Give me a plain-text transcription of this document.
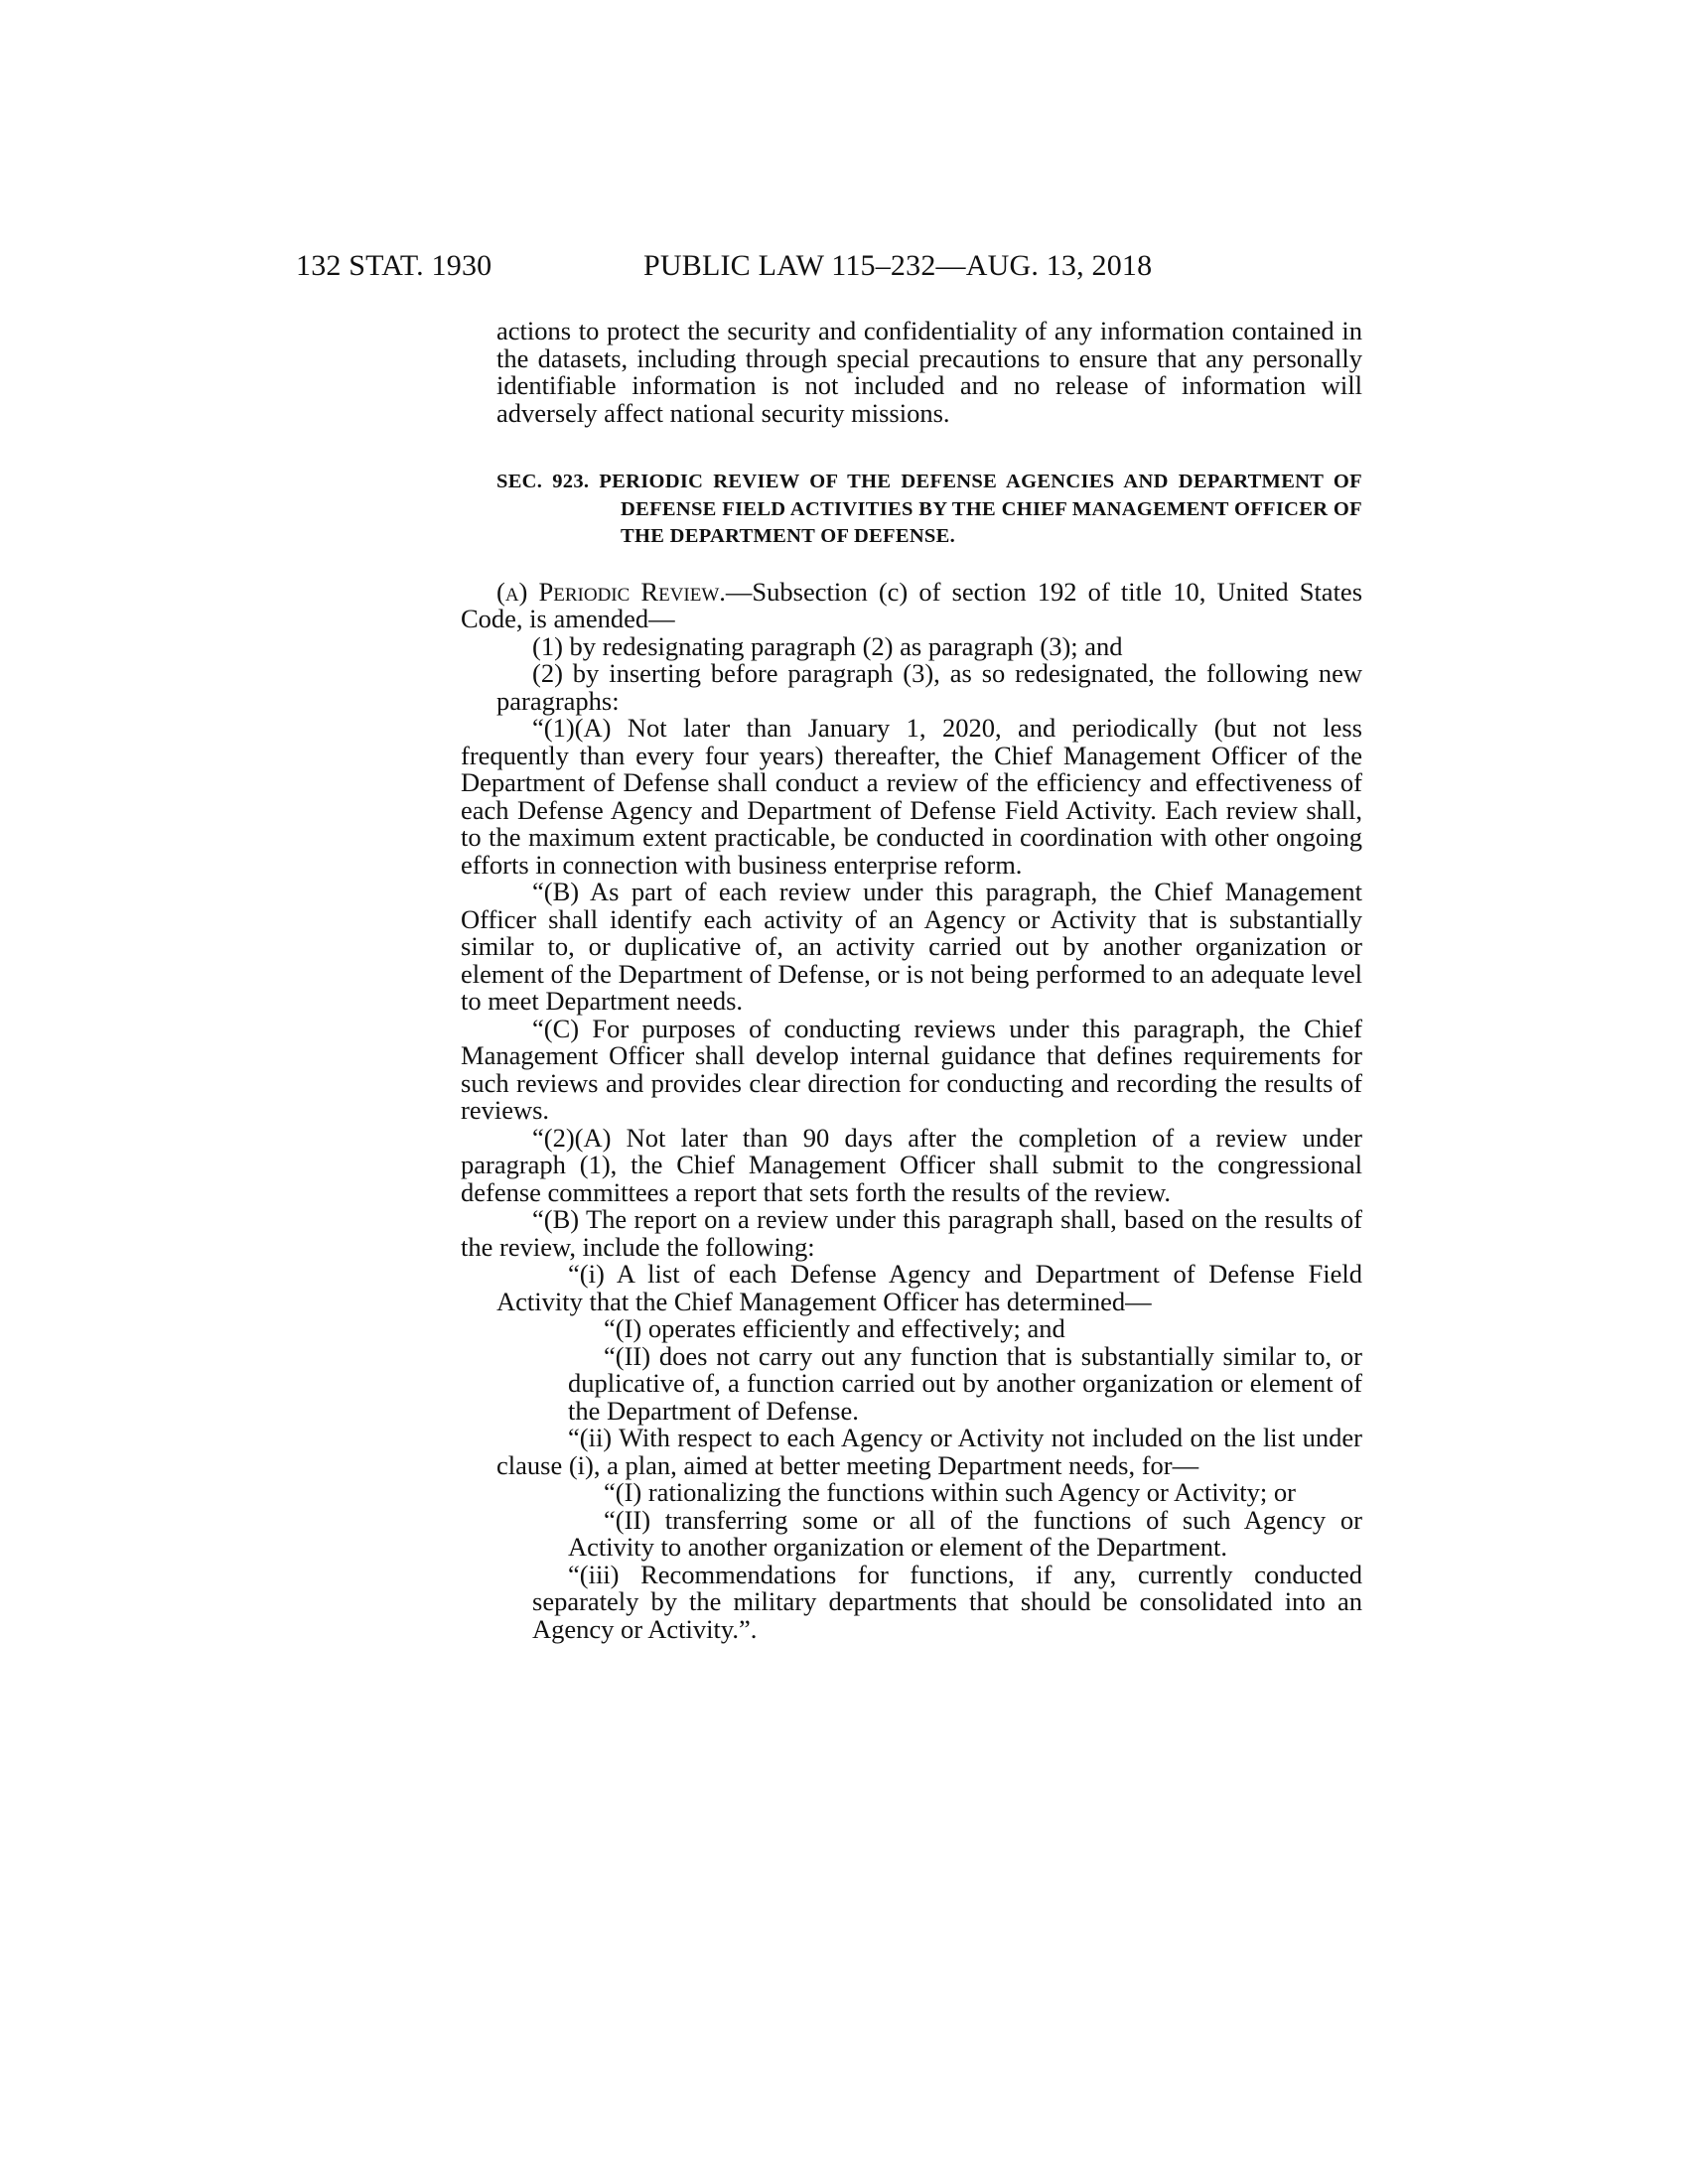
132 STAT. 1930	PUBLIC LAW 115–232—AUG. 13, 2018

actions to protect the security and confidentiality of any information contained in the datasets, including through special precautions to ensure that any personally identifiable information is not included and no release of information will adversely affect national security missions.

SEC. 923. PERIODIC REVIEW OF THE DEFENSE AGENCIES AND DEPARTMENT OF DEFENSE FIELD ACTIVITIES BY THE CHIEF MANAGEMENT OFFICER OF THE DEPARTMENT OF DEFENSE.

(a) Periodic Review.—Subsection (c) of section 192 of title 10, United States Code, is amended—

(1) by redesignating paragraph (2) as paragraph (3); and

(2) by inserting before paragraph (3), as so redesignated, the following new paragraphs:

“(1)(A) Not later than January 1, 2020, and periodically (but not less frequently than every four years) thereafter, the Chief Management Officer of the Department of Defense shall conduct a review of the efficiency and effectiveness of each Defense Agency and Department of Defense Field Activity. Each review shall, to the maximum extent practicable, be conducted in coordination with other ongoing efforts in connection with business enterprise reform.

“(B) As part of each review under this paragraph, the Chief Management Officer shall identify each activity of an Agency or Activity that is substantially similar to, or duplicative of, an activity carried out by another organization or element of the Department of Defense, or is not being performed to an adequate level to meet Department needs.

“(C) For purposes of conducting reviews under this paragraph, the Chief Management Officer shall develop internal guidance that defines requirements for such reviews and provides clear direction for conducting and recording the results of reviews.

“(2)(A) Not later than 90 days after the completion of a review under paragraph (1), the Chief Management Officer shall submit to the congressional defense committees a report that sets forth the results of the review.

“(B) The report on a review under this paragraph shall, based on the results of the review, include the following:

“(i) A list of each Defense Agency and Department of Defense Field Activity that the Chief Management Officer has determined—

“(I) operates efficiently and effectively; and

“(II) does not carry out any function that is substantially similar to, or duplicative of, a function carried out by another organization or element of the Department of Defense.

“(ii) With respect to each Agency or Activity not included on the list under clause (i), a plan, aimed at better meeting Department needs, for—

“(I) rationalizing the functions within such Agency or Activity; or

“(II) transferring some or all of the functions of such Agency or Activity to another organization or element of the Department.

“(iii) Recommendations for functions, if any, currently conducted separately by the military departments that should be consolidated into an Agency or Activity.”.
